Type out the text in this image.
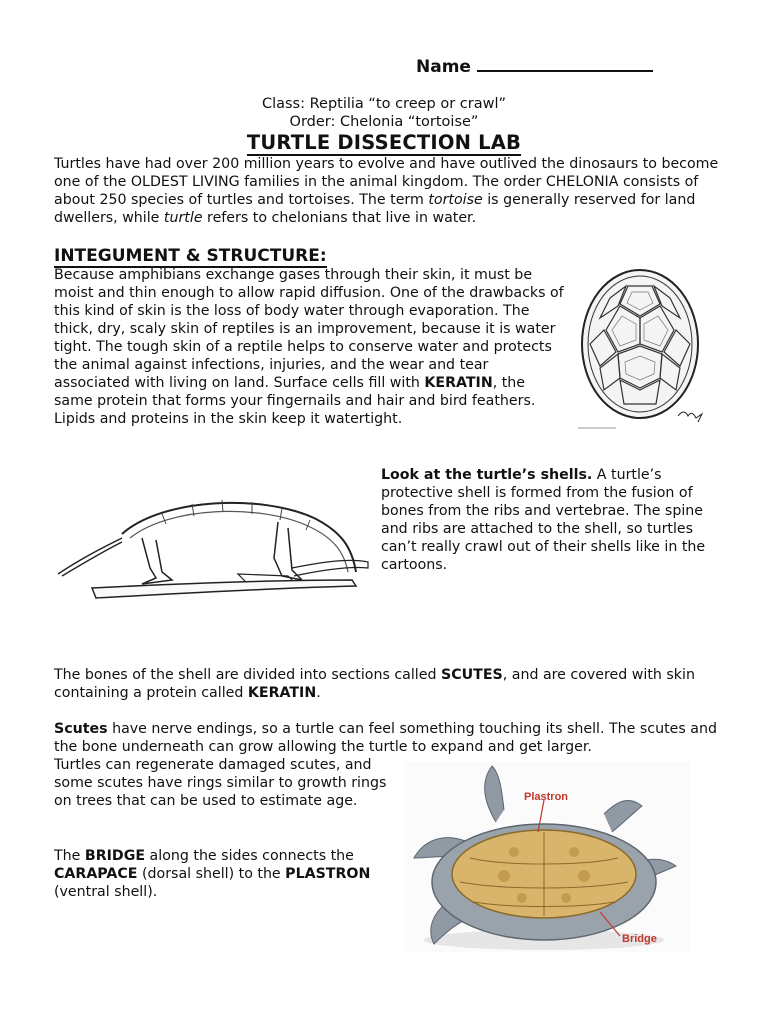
Name
Class: Reptilia “to creep or crawl”
Order: Chelonia “tortoise”
TURTLE DISSECTION LAB

Turtles have had over 200 million years to evolve and have outlived the dinosaurs to become one of the OLDEST LIVING families in the animal kingdom. The order CHELONIA consists of about 250 species of turtles and tortoises. The term tortoise is generally reserved for land dwellers, while turtle refers to chelonians that live in water.

INTEGUMENT & STRUCTURE:

Because amphibians exchange gases through their skin, it must be moist and thin enough to allow rapid diffusion. One of the drawbacks of this kind of skin is the loss of body water through evaporation. The thick, dry, scaly skin of reptiles is an improvement, because it is water tight. The tough skin of a reptile helps to conserve water and protects the animal against infections, injuries, and the wear and tear associated with living on land. Surface cells fill with KERATIN, the same protein that forms your fingernails and hair and bird feathers. Lipids and proteins in the skin keep it watertight.

Look at the turtle’s shells. A turtle’s protective shell is formed from the fusion of bones from the ribs and vertebrae. The spine and ribs are attached to the shell, so turtles can’t really crawl out of their shells like in the cartoons.

The bones of the shell are divided into sections called SCUTES, and are covered with skin containing a protein called KERATIN.

Scutes have nerve endings, so a turtle can feel something touching its shell. The scutes and the bone underneath can grow allowing the turtle to expand and get larger.

Turtles can regenerate damaged scutes, and some scutes have rings similar to growth rings on trees that can be used to estimate age.

The BRIDGE along the sides connects the CARAPACE (dorsal shell) to the PLASTRON (ventral shell).

Plastron
Bridge
